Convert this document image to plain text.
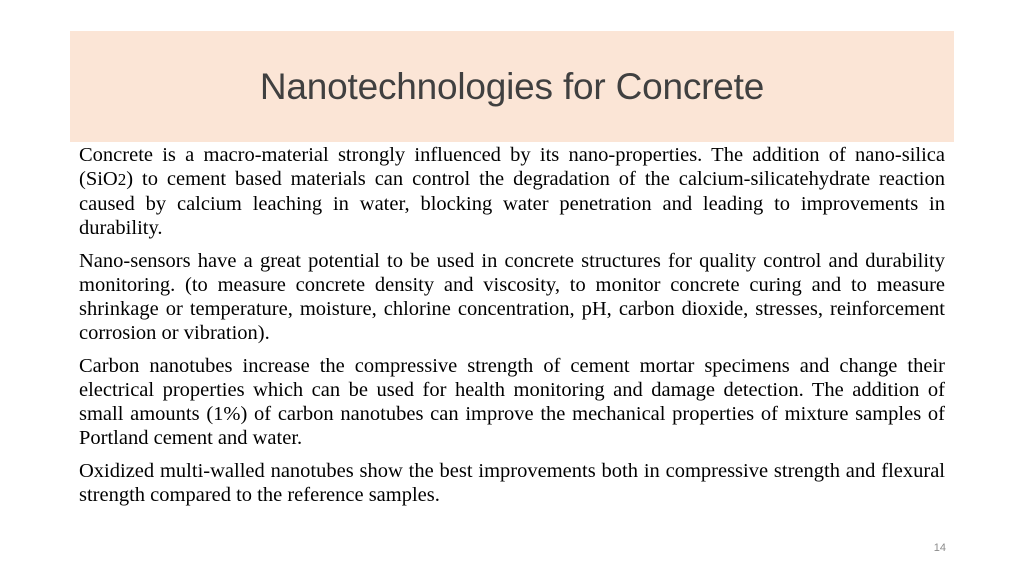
Nanotechnologies for Concrete

Concrete is a macro-material strongly influenced by its nano-properties. The addition of nano-silica (SiO2) to cement based materials can control the degradation of the calcium-silicatehydrate reaction caused by calcium leaching in water, blocking water penetration and leading to improvements in durability.

Nano-sensors have a great potential to be used in concrete structures for quality control and durability monitoring. (to measure concrete density and viscosity, to monitor concrete curing and to measure shrinkage or temperature, moisture, chlorine concentration, pH, carbon dioxide, stresses, reinforcement corrosion or vibration).

Carbon nanotubes increase the compressive strength of cement mortar specimens and change their electrical properties which can be used for health monitoring and damage detection. The addition of small amounts (1%) of carbon nanotubes can improve the mechanical properties of mixture samples of Portland cement and water.

Oxidized multi-walled nanotubes show the best improvements both in compressive strength and flexural strength compared to the reference samples.

14
